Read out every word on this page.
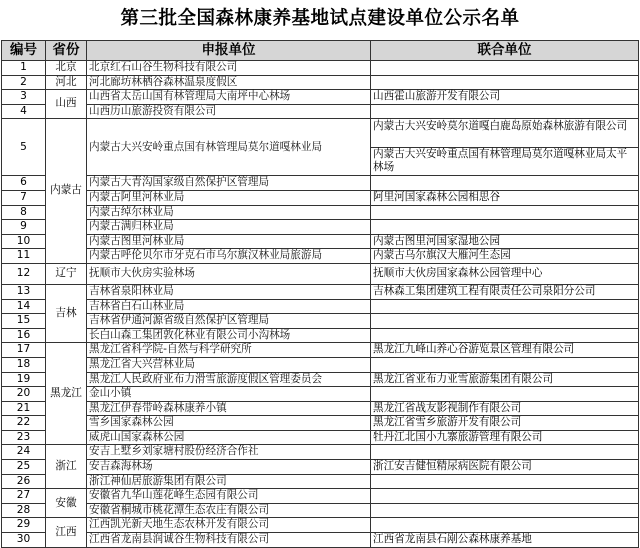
第三批全国森林康养基地试点建设单位公示名单
编号	省份	申报单位	联合单位
1	北京	北京红石山谷生物科技有限公司	
2	河北	河北廊坊林栖谷森林温泉度假区	
3	山西	山西省太岳山国有林管理局大南坪中心林场	山西霍山旅游开发有限公司
4		山西历山旅游投资有限公司	
5	内蒙古	内蒙古大兴安岭重点国有林管理局莫尔道嘎林业局	内蒙古大兴安岭莫尔道嘎白鹿岛原始森林旅游有限公司
内蒙古大兴安岭重点国有林管理局莫尔道嘎林业局太平林场

6		内蒙古大青沟国家级自然保护区管理局	
7		内蒙古阿里河林业局	阿里河国家森林公园相思谷
8		内蒙古绰尔林业局	
9		内蒙古满归林业局	
10		内蒙古图里河林业局	内蒙古图里河国家湿地公园
11		内蒙古呼伦贝尔市牙克石市乌尔旗汉林业局旅游局	内蒙古乌尔旗汉大雁河生态园
12	辽宁	抚顺市大伙房实验林场	抚顺市大伙房国家森林公园管理中心
13	吉林	吉林省泉阳林业局	吉林森工集团建筑工程有限责任公司泉阳分公司
14		吉林省白石山林业局	
15		吉林省伊通河源省级自然保护区管理局	
16		长白山森工集团敦化林业有限公司小沟林场	
17	黑龙江	黑龙江省科学院-自然与科学研究所	黑龙江九峰山养心谷游览景区管理有限公司
18		黑龙江省大兴营林业局	
19		黑龙江人民政府亚布力滑雪旅游度假区管理委员会	黑龙江省亚布力亚雪旅游集团有限公司
20		金山小镇	
21		黑龙江伊春带岭森林康养小镇	黑龙江省战友影视制作有限公司
22		雪乡国家森林公园	黑龙江省雪乡旅游开发有限公司
23		威虎山国家森林公园	牡丹江北国小九寨旅游管理有限公司
24	浙江	安吉上墅乡刘家塘村股份经济合作社	
25		安吉森海林场	浙江安吉健恒精尿病医院有限公司
26		浙江神仙居旅游集团有限公司	
27	安徽	安徽省九华山莲花峰生态园有限公司	
28		安徽省桐城市桃花潭生态农庄有限公司	
29	江西	江西凯光新天地生态农林开发有限公司	
30		江西省龙南县润诚谷生物科技有限公司	江西省龙南县石剐公森林康养基地
